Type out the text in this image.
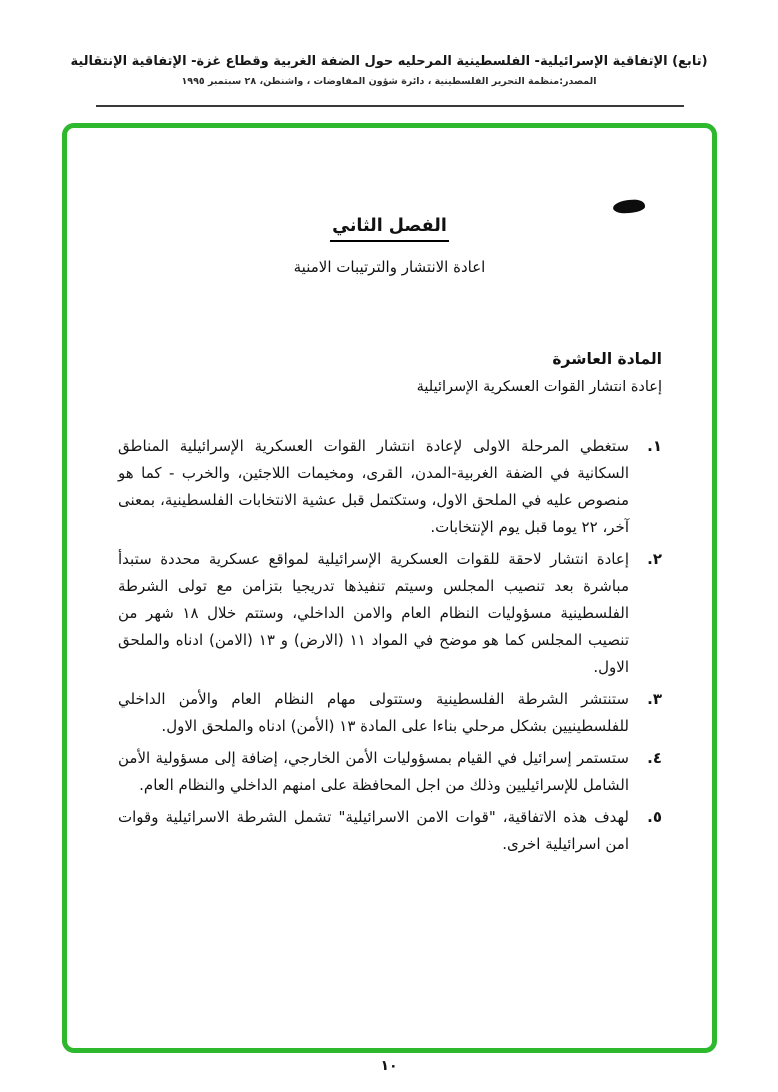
(تابع) الإتفاقية الإسرائيلية- الفلسطينية المرحليه حول الضفة الغربية وقطاع غزة- الإتفاقية الإنتقالية
المصدر:منظمة التحرير الفلسطينية ، دائرة شؤون المفاوضات ، واشنطن، ٢٨ سبتمبر ١٩٩٥
الفصل الثاني
اعادة الانتشار والترتيبات الامنية
المادة العاشرة
إعادة انتشار القوات العسكرية الإسرائيلية
١.
ستغطي المرحلة الاولى لإعادة انتشار القوات العسكرية الإسرائيلية المناطق السكانية في الضفة الغربية-المدن، القرى، ومخيمات اللاجئين، والخرب - كما هو منصوص عليه في الملحق الاول، وستكتمل قبل عشية الانتخابات الفلسطينية، بمعنى آخر، ٢٢ يوما قبل يوم الإنتخابات.
٢.
إعادة انتشار لاحقة للقوات العسكرية الإسرائيلية لمواقع عسكرية محددة ستبدأ مباشرة بعد تنصيب المجلس وسيتم تنفيذها تدريجيا بتزامن مع تولى الشرطة الفلسطينية مسؤوليات النظام العام والامن الداخلي، وستتم خلال ١٨ شهر من تنصيب المجلس كما هو موضح في المواد ١١ (الارض) و ١٣ (الامن) ادناه والملحق الاول.
٣.
ستنتشر الشرطة الفلسطينية وستتولى مهام النظام العام والأمن الداخلي للفلسطينيين بشكل مرحلي بناءا على المادة ١٣ (الأمن) ادناه والملحق الاول.
٤.
ستستمر إسرائيل في القيام بمسؤوليات الأمن الخارجي، إضافة إلى مسؤولية الأمن الشامل للإسرائيليين وذلك من اجل المحافظة على امنهم الداخلي والنظام العام.
٥.
لهدف هذه الاتفاقية، "قوات الامن الاسرائيلية" تشمل الشرطة الاسرائيلية وقوات امن اسرائيلية اخرى.
١٠
